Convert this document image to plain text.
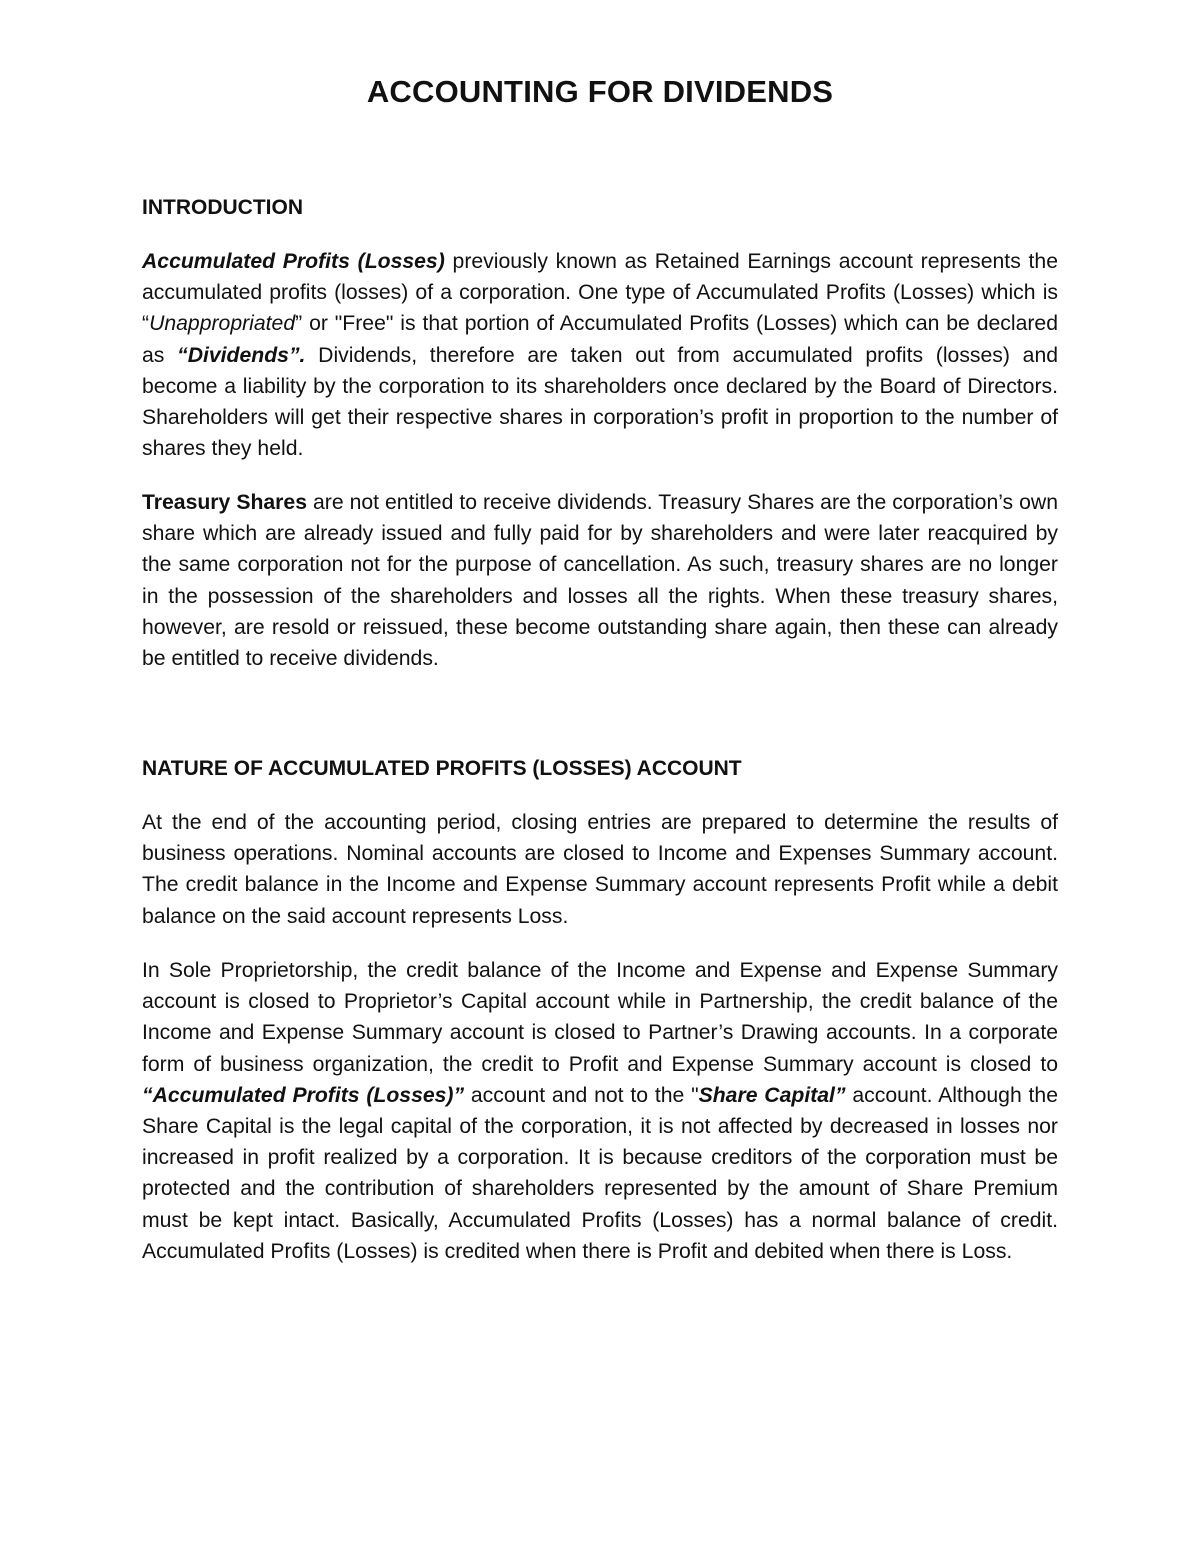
ACCOUNTING FOR DIVIDENDS
INTRODUCTION

Accumulated Profits (Losses) previously known as Retained Earnings account represents the accumulated profits (losses) of a corporation. One type of Accumulated Profits (Losses) which is “Unappropriated” or "Free" is that portion of Accumulated Profits (Losses) which can be declared as “Dividends”. Dividends, therefore are taken out from accumulated profits (losses) and become a liability by the corporation to its shareholders once declared by the Board of Directors. Shareholders will get their respective shares in corporation’s profit in proportion to the number of shares they held.

Treasury Shares are not entitled to receive dividends. Treasury Shares are the corporation’s own share which are already issued and fully paid for by shareholders and were later reacquired by the same corporation not for the purpose of cancellation. As such, treasury shares are no longer in the possession of the shareholders and losses all the rights. When these treasury shares, however, are resold or reissued, these become outstanding share again, then these can already be entitled to receive dividends.

NATURE OF ACCUMULATED PROFITS (LOSSES) ACCOUNT

At the end of the accounting period, closing entries are prepared to determine the results of business operations. Nominal accounts are closed to Income and Expenses Summary account. The credit balance in the Income and Expense Summary account represents Profit while a debit balance on the said account represents Loss.

In Sole Proprietorship, the credit balance of the Income and Expense and Expense Summary account is closed to Proprietor’s Capital account while in Partnership, the credit balance of the Income and Expense Summary account is closed to Partner’s Drawing accounts. In a corporate form of business organization, the credit to Profit and Expense Summary account is closed to “Accumulated Profits (Losses)” account and not to the "Share Capital” account. Although the Share Capital is the legal capital of the corporation, it is not affected by decreased in losses nor increased in profit realized by a corporation. It is because creditors of the corporation must be protected and the contribution of shareholders represented by the amount of Share Premium must be kept intact. Basically, Accumulated Profits (Losses) has a normal balance of credit. Accumulated Profits (Losses) is credited when there is Profit and debited when there is Loss.
